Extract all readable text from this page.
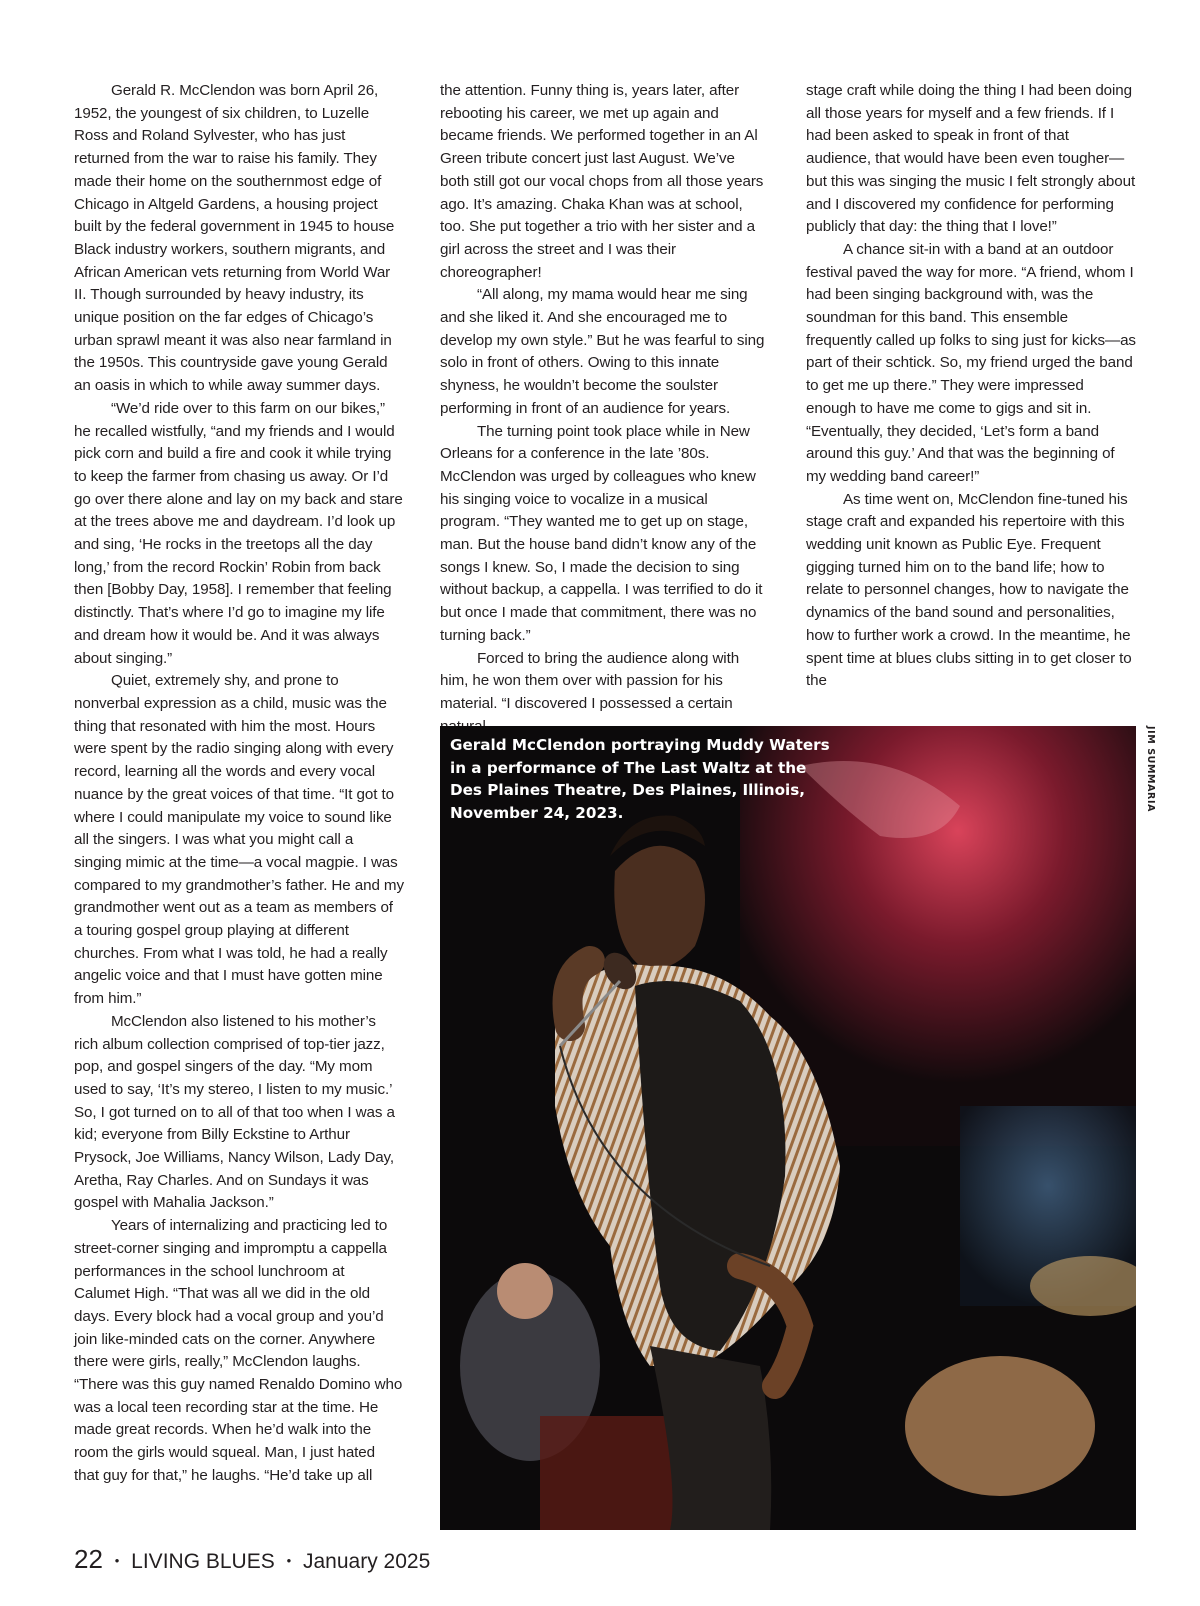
Gerald R. McClendon was born April 26, 1952, the youngest of six children, to Luzelle Ross and Roland Sylvester, who has just returned from the war to raise his family. They made their home on the southernmost edge of Chicago in Altgeld Gardens, a housing project built by the federal government in 1945 to house Black industry workers, southern migrants, and African American vets returning from World War II. Though surrounded by heavy industry, its unique position on the far edges of Chicago’s urban sprawl meant it was also near farmland in the 1950s. This countryside gave young Gerald an oasis in which to while away summer days.

“We’d ride over to this farm on our bikes,” he recalled wistfully, “and my friends and I would pick corn and build a fire and cook it while trying to keep the farmer from chasing us away. Or I’d go over there alone and lay on my back and stare at the trees above me and daydream. I’d look up and sing, ‘He rocks in the treetops all the day long,’ from the record Rockin’ Robin from back then [Bobby Day, 1958]. I remember that feeling distinctly. That’s where I’d go to imagine my life and dream how it would be. And it was always about singing.”

Quiet, extremely shy, and prone to nonverbal expression as a child, music was the thing that resonated with him the most. Hours were spent by the radio singing along with every record, learning all the words and every vocal nuance by the great voices of that time. “It got to where I could manipulate my voice to sound like all the singers. I was what you might call a singing mimic at the time—a vocal magpie. I was compared to my grandmother’s father. He and my grandmother went out as a team as members of a touring gospel group playing at different churches. From what I was told, he had a really angelic voice and that I must have gotten mine from him.”

McClendon also listened to his mother’s rich album collection comprised of top-tier jazz, pop, and gospel singers of the day. “My mom used to say, ‘It’s my stereo, I listen to my music.’ So, I got turned on to all of that too when I was a kid; everyone from Billy Eckstine to Arthur Prysock, Joe Williams, Nancy Wilson, Lady Day, Aretha, Ray Charles. And on Sundays it was gospel with Mahalia Jackson.”

Years of internalizing and practicing led to street-corner singing and impromptu a cappella performances in the school lunchroom at Calumet High. “That was all we did in the old days. Every block had a vocal group and you’d join like-minded cats on the corner. Anywhere there were girls, really,” McClendon laughs. “There was this guy named Renaldo Domino who was a local teen recording star at the time. He made great records. When he’d walk into the room the girls would squeal. Man, I just hated that guy for that,” he laughs. “He’d take up all

the attention. Funny thing is, years later, after rebooting his career, we met up again and became friends. We performed together in an Al Green tribute concert just last August. We’ve both still got our vocal chops from all those years ago. It’s amazing. Chaka Khan was at school, too. She put together a trio with her sister and a girl across the street and I was their choreographer!

“All along, my mama would hear me sing and she liked it. And she encouraged me to develop my own style.” But he was fearful to sing solo in front of others. Owing to this innate shyness, he wouldn’t become the soulster performing in front of an audience for years.

The turning point took place while in New Orleans for a conference in the late ’80s. McClendon was urged by colleagues who knew his singing voice to vocalize in a musical program. “They wanted me to get up on stage, man. But the house band didn’t know any of the songs I knew. So, I made the decision to sing without backup, a cappella. I was terrified to do it but once I made that commitment, there was no turning back.”

Forced to bring the audience along with him, he won them over with passion for his material. “I discovered I possessed a certain

stage craft while doing the thing I had been doing all those years for myself and a few friends. If I had been asked to speak in front of that audience, that would have been even tougher—but this was singing the music I felt strongly about and I discovered my confidence for performing publicly that day: the thing that I love!”

A chance sit-in with a band at an outdoor festival paved the way for more. “A friend, whom I had been singing background with, was the soundman for this band. This ensemble frequently called up folks to sing just for kicks—as part of their schtick. So, my friend urged the band to get me up there.” They were impressed enough to have me come to gigs and sit in. “Eventually, they decided, ‘Let’s form a band around this guy.’ And that was the beginning of my wedding band career!”

As time went on, McClendon fine-tuned his stage craft and expanded his repertoire with this wedding unit known as Public Eye. Frequent gigging turned him on to the band life; how to relate to personnel changes, how to navigate the dynamics of the band sound and personalities, how to further work a crowd. In the meantime, he spent time at blues clubs sitting in to get closer to the

Gerald McClendon portraying Muddy Waters in a performance of The Last Waltz at the Des Plaines Theatre, Des Plaines, Illinois, November 24, 2023.
JIM SUMMARIA
22 • LIVING BLUES • January 2025
